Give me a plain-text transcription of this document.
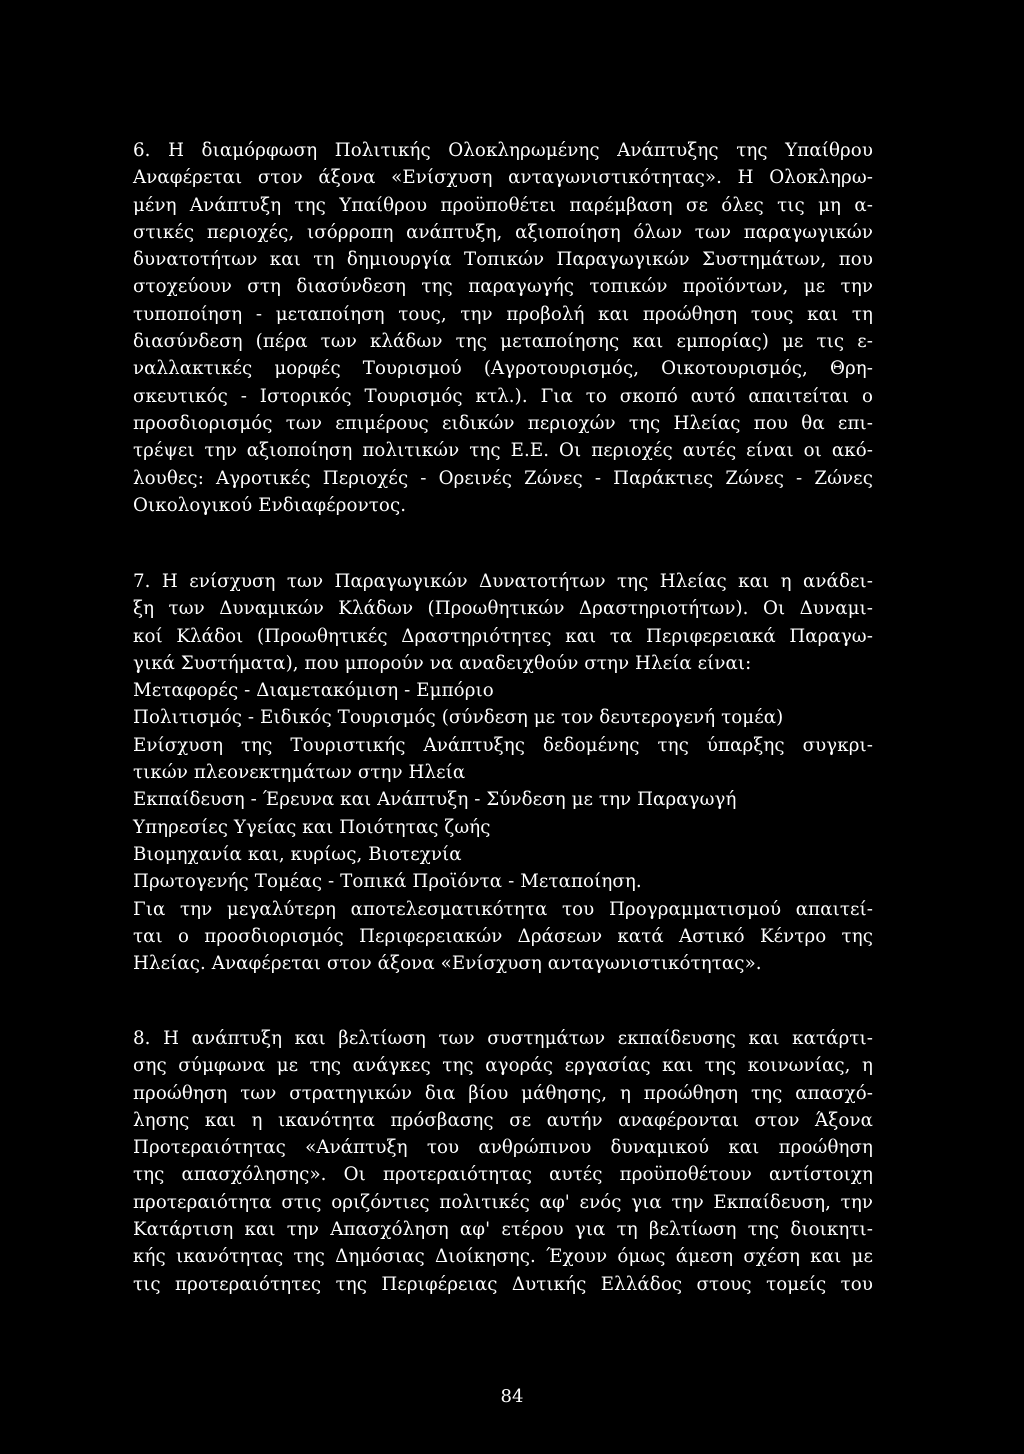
6. Η διαμόρφωση Πολιτικής Ολοκληρωμένης Ανάπτυξης της Υπαίθρου
Αναφέρεται στον άξονα «Ενίσχυση ανταγωνιστικότητας». Η Ολοκληρω-
μένη Ανάπτυξη της Υπαίθρου προϋποθέτει παρέμβαση σε όλες τις μη α-
στικές περιοχές, ισόρροπη ανάπτυξη, αξιοποίηση όλων των παραγωγικών
δυνατοτήτων και τη δημιουργία Τοπικών Παραγωγικών Συστημάτων, που
στοχεύουν στη διασύνδεση της παραγωγής τοπικών προϊόντων, με την
τυποποίηση - μεταποίηση τους, την προβολή και προώθηση τους και τη
διασύνδεση (πέρα των κλάδων της μεταποίησης και εμπορίας) με τις ε-
ναλλακτικές μορφές Τουρισμού (Αγροτουρισμός, Οικοτουρισμός, Θρη-
σκευτικός - Ιστορικός Τουρισμός κτλ.). Για το σκοπό αυτό απαιτείται ο
προσδιορισμός των επιμέρους ειδικών περιοχών της Ηλείας που θα επι-
τρέψει την αξιοποίηση πολιτικών της Ε.Ε. Οι περιοχές αυτές είναι οι ακό-
λουθες: Αγροτικές Περιοχές - Ορεινές Ζώνες - Παράκτιες Ζώνες - Ζώνες
Οικολογικού Ενδιαφέροντος.
7. Η ενίσχυση των Παραγωγικών Δυνατοτήτων της Ηλείας και η ανάδει-
ξη των Δυναμικών Κλάδων (Προωθητικών Δραστηριοτήτων). Οι Δυναμι-
κοί Κλάδοι (Προωθητικές Δραστηριότητες και τα Περιφερειακά Παραγω-
γικά Συστήματα), που μπορούν να αναδειχθούν στην Ηλεία είναι:
Μεταφορές - Διαμετακόμιση - Εμπόριο
Πολιτισμός - Ειδικός Τουρισμός (σύνδεση με τον δευτερογενή τομέα)
Ενίσχυση της Τουριστικής Ανάπτυξης δεδομένης της ύπαρξης συγκρι-
τικών πλεονεκτημάτων στην Ηλεία
Εκπαίδευση - Έρευνα και Ανάπτυξη - Σύνδεση με την Παραγωγή
Υπηρεσίες Υγείας και Ποιότητας ζωής
Βιομηχανία και, κυρίως, Βιοτεχνία
Πρωτογενής Τομέας - Τοπικά Προϊόντα - Μεταποίηση.
Για την μεγαλύτερη αποτελεσματικότητα του Προγραμματισμού απαιτεί-
ται ο προσδιορισμός Περιφερειακών Δράσεων κατά Αστικό Κέντρο της
Ηλείας. Αναφέρεται στον άξονα «Ενίσχυση ανταγωνιστικότητας».
8. Η ανάπτυξη και βελτίωση των συστημάτων εκπαίδευσης και κατάρτι-
σης σύμφωνα με της ανάγκες της αγοράς εργασίας και της κοινωνίας, η
προώθηση των στρατηγικών δια βίου μάθησης, η προώθηση της απασχό-
λησης και η ικανότητα πρόσβασης σε αυτήν αναφέρονται στον Άξονα
Προτεραιότητας «Ανάπτυξη του ανθρώπινου δυναμικού και προώθηση
της απασχόλησης». Οι προτεραιότητας αυτές προϋποθέτουν αντίστοιχη
προτεραιότητα στις οριζόντιες πολιτικές αφ' ενός για την Εκπαίδευση, την
Κατάρτιση και την Απασχόληση αφ' ετέρου για τη βελτίωση της διοικητι-
κής ικανότητας της Δημόσιας Διοίκησης. Έχουν όμως άμεση σχέση και με
τις προτεραιότητες της Περιφέρειας Δυτικής Ελλάδος στους τομείς του
84
